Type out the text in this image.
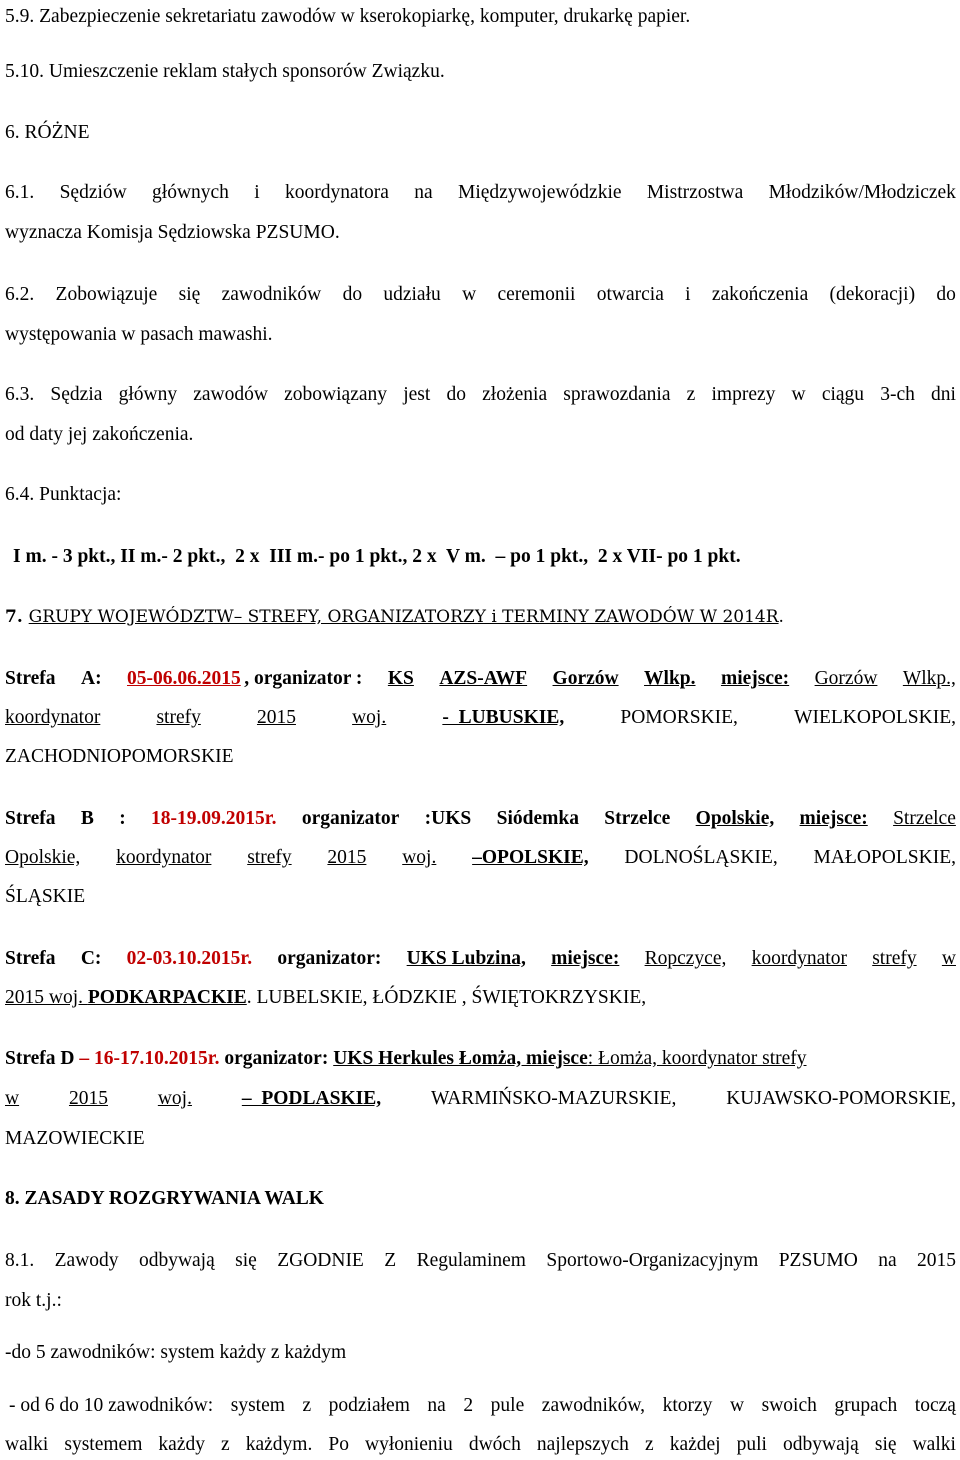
5.9. Zabezpieczenie sekretariatu zawodów w kserokopiarkę, komputer, drukarkę papier.
5.10. Umieszczenie reklam stałych sponsorów Związku.
6. RÓŻNE
6.1. Sędziów głównych i koordynatora na Międzywojewódzkie Mistrzostwa Młodzików/Młodziczek
wyznacza Komisja Sędziowska PZSUMO.
6.2. Zobowiązuje się zawodników do udziału w ceremonii otwarcia i zakończenia (dekoracji) do
występowania w pasach mawashi.
6.3. Sędzia główny zawodów zobowiązany jest do złożenia sprawozdania z imprezy w ciągu 3-ch dni
od daty jej zakończenia.
6.4. Punktacja:
I m. - 3 pkt., II m.- 2 pkt.,  2 x  III m.- po 1 pkt., 2 x  V m.  – po 1 pkt.,  2 x VII- po 1 pkt.
7. GRUPY WOJEWÓDZTW– STREFY, ORGANIZATORZY i TERMINY ZAWODÓW W 2014R.
Strefa A: 05-06.06.2015 , organizator : KS AZS-AWF Gorzów Wlkp. miejsce: Gorzów Wlkp.,
koordynator	strefy	2015	woj.	-  LUBUSKIE,	POMORSKIE,	WIELKOPOLSKIE,
ZACHODNIOPOMORSKIE
Strefa B : 18-19.09.2015r. organizator :UKS Siódemka Strzelce Opolskie, miejsce: Strzelce
Opolskie, koordynator strefy 2015 woj. –OPOLSKIE, DOLNOŚLĄSKIE, MAŁOPOLSKIE,
ŚLĄSKIE
Strefa C: 02-03.10.2015r. organizator: UKS Lubzina, miejsce: Ropczyce, koordynator strefy w
2015 woj. PODKARPACKIE. LUBELSKIE, ŁÓDZKIE , ŚWIĘTOKRZYSKIE,
Strefa D – 16-17.10.2015r. organizator: UKS Herkules Łomża, miejsce: Łomża, koordynator strefy
w	2015	woj.	–  PODLASKIE,	WARMIŃSKO-MAZURSKIE,	KUJAWSKO-POMORSKIE,
MAZOWIECKIE
8. ZASADY ROZGRYWANIA WALK
8.1. Zawody odbywają się ZGODNIE Z Regulaminem Sportowo-Organizacyjnym PZSUMO na 2015
rok t.j.:
-do 5 zawodników: system każdy z każdym
- od 6 do 10 zawodników: system z podziałem na 2 pule zawodników, ktorzy w swoich grupach toczą
walki systemem każdy z każdym. Po wyłonieniu dwóch najlepszych z każdej puli odbywają się walki
